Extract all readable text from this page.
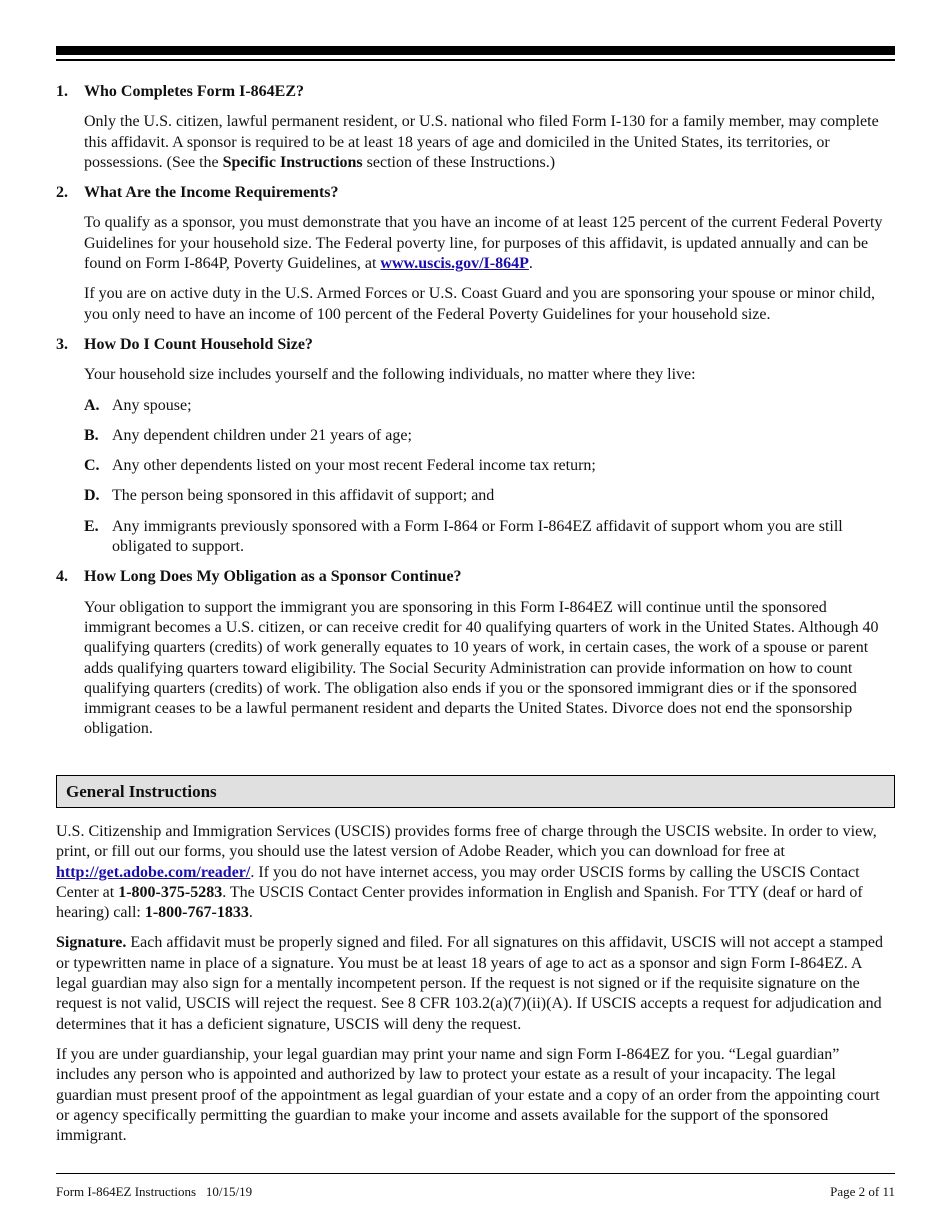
1.	Who Completes Form I-864EZ?
Only the U.S. citizen, lawful permanent resident, or U.S. national who filed Form I-130 for a family member, may complete this affidavit. A sponsor is required to be at least 18 years of age and domiciled in the United States, its territories, or possessions. (See the Specific Instructions section of these Instructions.)
2.	What Are the Income Requirements?
To qualify as a sponsor, you must demonstrate that you have an income of at least 125 percent of the current Federal Poverty Guidelines for your household size. The Federal poverty line, for purposes of this affidavit, is updated annually and can be found on Form I-864P, Poverty Guidelines, at www.uscis.gov/I-864P.
If you are on active duty in the U.S. Armed Forces or U.S. Coast Guard and you are sponsoring your spouse or minor child, you only need to have an income of 100 percent of the Federal Poverty Guidelines for your household size.
3.	How Do I Count Household Size?
Your household size includes yourself and the following individuals, no matter where they live:
A. Any spouse;
B. Any dependent children under 21 years of age;
C. Any other dependents listed on your most recent Federal income tax return;
D. The person being sponsored in this affidavit of support; and
E. Any immigrants previously sponsored with a Form I-864 or Form I-864EZ affidavit of support whom you are still obligated to support.
4.	How Long Does My Obligation as a Sponsor Continue?
Your obligation to support the immigrant you are sponsoring in this Form I-864EZ will continue until the sponsored immigrant becomes a U.S. citizen, or can receive credit for 40 qualifying quarters of work in the United States. Although 40 qualifying quarters (credits) of work generally equates to 10 years of work, in certain cases, the work of a spouse or parent adds qualifying quarters toward eligibility. The Social Security Administration can provide information on how to count qualifying quarters (credits) of work. The obligation also ends if you or the sponsored immigrant dies or if the sponsored immigrant ceases to be a lawful permanent resident and departs the United States. Divorce does not end the sponsorship obligation.
General Instructions

U.S. Citizenship and Immigration Services (USCIS) provides forms free of charge through the USCIS website. In order to view, print, or fill out our forms, you should use the latest version of Adobe Reader, which you can download for free at http://get.adobe.com/reader/. If you do not have internet access, you may order USCIS forms by calling the USCIS Contact Center at 1-800-375-5283. The USCIS Contact Center provides information in English and Spanish. For TTY (deaf or hard of hearing) call: 1-800-767-1833.

Signature. Each affidavit must be properly signed and filed. For all signatures on this affidavit, USCIS will not accept a stamped or typewritten name in place of a signature. You must be at least 18 years of age to act as a sponsor and sign Form I-864EZ. A legal guardian may also sign for a mentally incompetent person. If the request is not signed or if the requisite signature on the request is not valid, USCIS will reject the request. See 8 CFR 103.2(a)(7)(ii)(A). If USCIS accepts a request for adjudication and determines that it has a deficient signature, USCIS will deny the request.

If you are under guardianship, your legal guardian may print your name and sign Form I-864EZ for you. “Legal guardian” includes any person who is appointed and authorized by law to protect your estate as a result of your incapacity. The legal guardian must present proof of the appointment as legal guardian of your estate and a copy of an order from the appointing court or agency specifically permitting the guardian to make your income and assets available for the support of the sponsored immigrant.

Form I-864EZ Instructions   10/15/19	Page 2 of 11
